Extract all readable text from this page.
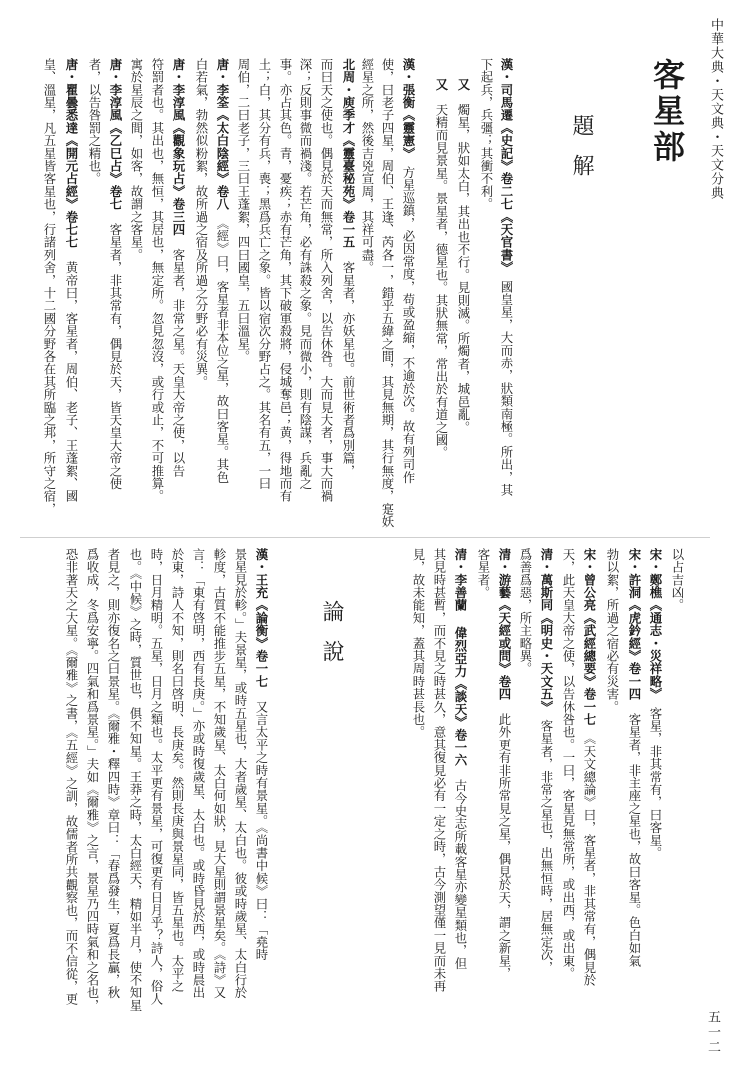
中華大典・天文典・天文分典
五一二
客星部
題解
漢・司馬遷《史記》卷二七《天官書》　國皇星，大而赤，狀類南極。所出，其
下起兵，兵彊；其衝不利。
又　燭星，狀如太白，其出也不行。見則滅。所燭者，城邑亂。
又　天精而見景星。景星者，德星也。其狀無常，常出於有道之國。
漢・張衡《靈憲》　方星巡鎮，必因常度，苟或盈縮，不逾於次。故有列司作
使，曰老子四星，周伯、王逢、芮各一，錯乎五緯之間，其見無期，其行無度，寔妖
經星之所，然後吉兇宣周，其祥可盡。
北周・庾季才《靈臺秘苑》卷一五　客星者，亦妖星也。前世術者爲別篇，
而曰天之使也。偶見於天而無常，所入列舍，以告休咎。大而見大者，事大而禍
深；反則事微而禍淺。若芒角，必有誅殺之象。見而微小，則有陰謀，兵亂之
事。亦占其色。青，憂疾；赤有芒角，其下破軍殺將，侵城奪邑；黄，得地而有
土；白，其分有兵，喪；黑爲兵亡之象。皆以宿次分野占之。其名有五，一曰
周伯，二曰老子，三曰王蓬絮，四曰國皇，五曰溫星。
唐・李筌《太白陰經》卷八　《經》曰，客星者非本位之星，故曰客星。其色
白若氣，勃然似粉絮，故所過之宿及所過之分野必有災異。
唐・李淳風《觀象玩占》卷三四　客星者，非常之星。天皇大帝之使，以告
符罰者也。其出也，無恒，其居也，無定所。忽見忽沒，或行或止，不可推算。
寓於星辰之間，如客，故謂之客星。
唐・李淳風《乙巳占》卷七　客星者，非其常有，偶見於天，皆天皇大帝之使
者，以告咎罰之精也。
唐・瞿曇悉達《開元占經》卷七七　黄帝曰，客星者，周伯、老子、王蓬絮、國
皇、溫星，凡五星皆客星也，行諸列舍，十二國分野各在其所臨之邦，所守之宿，
論說
以占吉凶。
宋・鄭樵《通志・災祥略》　客星，非其常有，曰客星。
宋・許洞《虎鈐經》卷一四　客星者，非主座之星也，故曰客星。色白如氣
勃以絮，所過之宿必有災害。
宋・曾公亮《武經總要》卷一七　《天文總論》曰，客星者，非其常有，偶見於
天，此天皇大帝之使，以告休咎也。一曰，客星見無常所，或出西，或出東。
清・萬斯同《明史・天文五》　客星者，非常之星也，出無恒時，居無定次，
爲善爲惡，所主略異。
清・游藝《天經或問》卷四　此外更有非所常見之星，偶見於天，謂之新星，
客星者。
清・李善蘭 偉烈亞力《談天》卷一六　古今史志所載客星亦變星類也，但
其見時甚暫，而不見之時甚久，意其復見必有一定之時，古今測望僅一見而未再
見，故未能知，蓋其周時甚長也。
漢・王充《論衡》卷一七　又言太平之時有景星。《尚書中候》曰：「堯時
景星見於軫。」夫景星，或時五星也，大者歲星、太白也。彼或時歲星、太白行於
軫度，古質不能推步五星，不知歲星、太白何如狀，見大星則謂景星矣。《詩》又
言：「東有啓明，西有長庚。」亦或時復歲星、太白也。或時昏見於西，或時晨出
於東，詩人不知，則名曰啓明、長庚矣。然則長庚與景星同，皆五星也。太平之
時，日月精明。五星，日月之類也。太平更有景星，可復更有日月乎？詩人，俗人
也。《中候》之時，質世也，俱不知星。王莽之時，太白經天，精如半月，使不知星
者見之，則亦復名之曰景星。《爾雅・釋四時》章曰：「春爲發生，夏爲長贏，秋
爲收成，冬爲安寧。四氣和爲景星。」夫如《爾雅》之言，景星乃四時氣和之名也，
恐非著天之大星。《爾雅》之書，《五經》之訓，故儒者所共觀察也，而不信從，更
